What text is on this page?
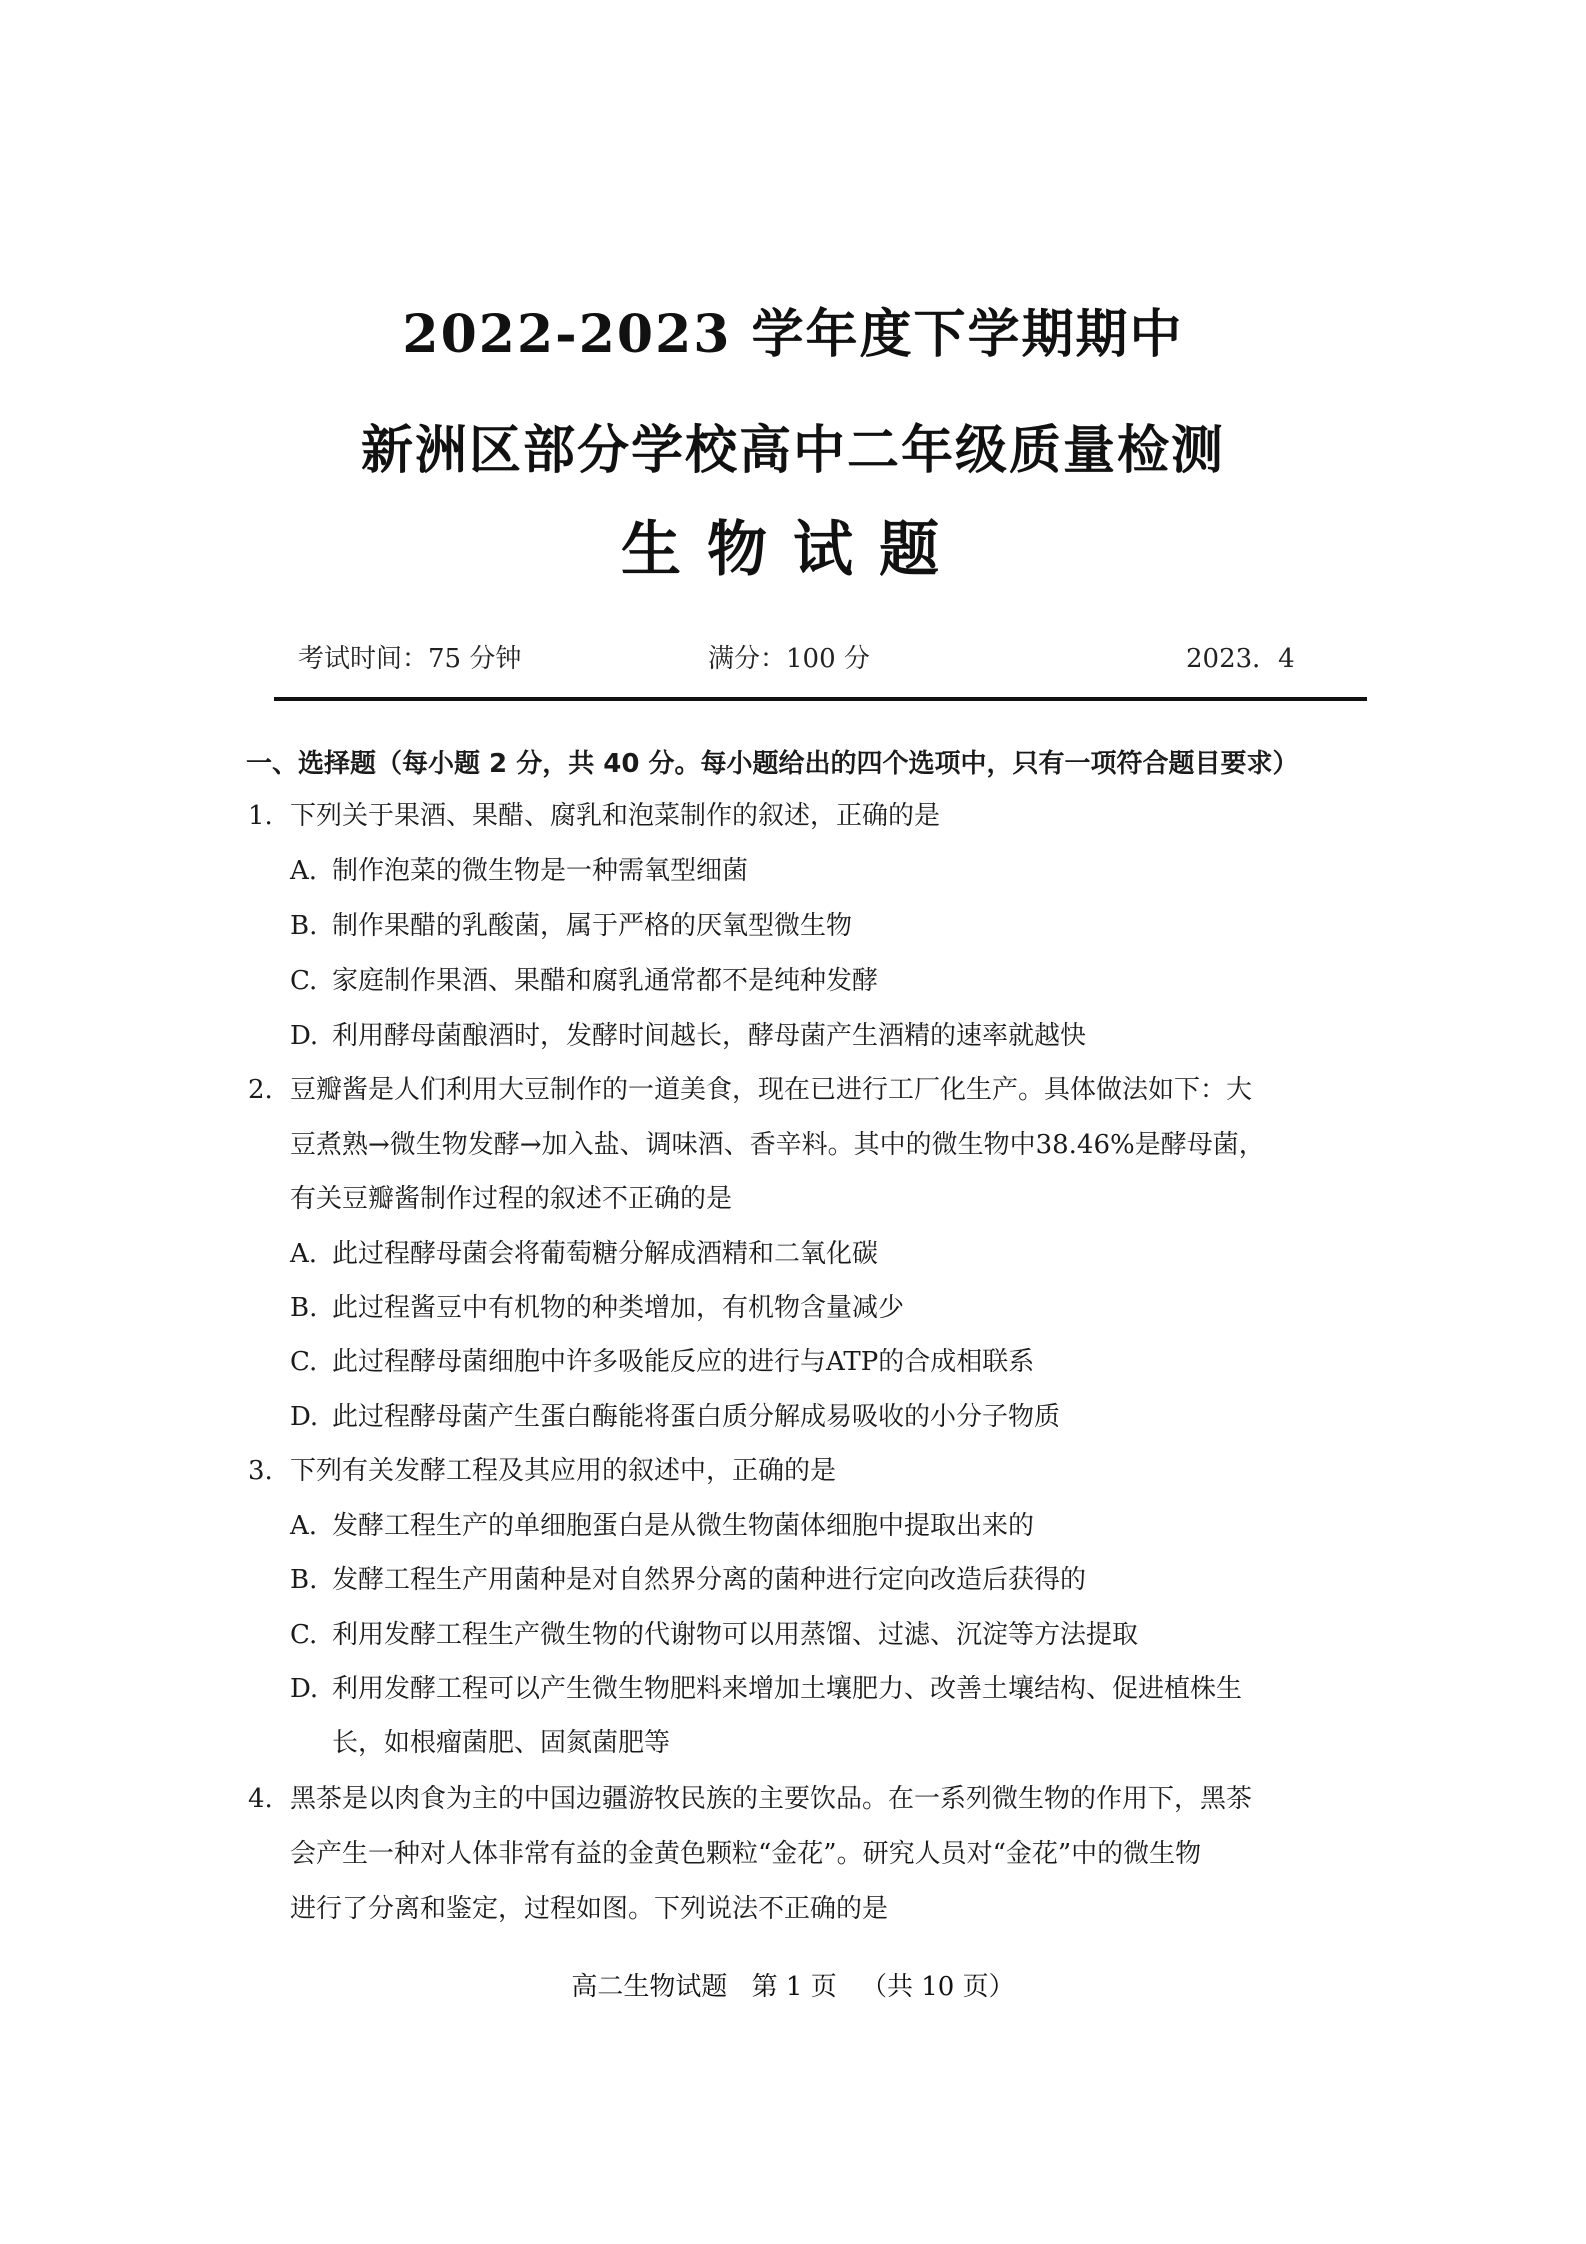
2022-2023 学年度下学期期中
新洲区部分学校高中二年级质量检测
生物试题
考试时间：75 分钟	满分：100 分	2023．4
一、选择题（每小题 2 分，共 40 分。每小题给出的四个选项中，只有一项符合题目要求）
1. 下列关于果酒、果醋、腐乳和泡菜制作的叙述，正确的是
A. 制作泡菜的微生物是一种需氧型细菌
B. 制作果醋的乳酸菌，属于严格的厌氧型微生物
C. 家庭制作果酒、果醋和腐乳通常都不是纯种发酵
D. 利用酵母菌酿酒时，发酵时间越长，酵母菌产生酒精的速率就越快
2. 豆瓣酱是人们利用大豆制作的一道美食，现在已进行工厂化生产。具体做法如下：大
豆煮熟→微生物发酵→加入盐、调味酒、香辛料。其中的微生物中38.46%是酵母菌，
有关豆瓣酱制作过程的叙述不正确的是
A. 此过程酵母菌会将葡萄糖分解成酒精和二氧化碳
B. 此过程酱豆中有机物的种类增加，有机物含量减少
C. 此过程酵母菌细胞中许多吸能反应的进行与ATP的合成相联系
D. 此过程酵母菌产生蛋白酶能将蛋白质分解成易吸收的小分子物质
3. 下列有关发酵工程及其应用的叙述中，正确的是
A. 发酵工程生产的单细胞蛋白是从微生物菌体细胞中提取出来的
B. 发酵工程生产用菌种是对自然界分离的菌种进行定向改造后获得的
C. 利用发酵工程生产微生物的代谢物可以用蒸馏、过滤、沉淀等方法提取
D. 利用发酵工程可以产生微生物肥料来增加土壤肥力、改善土壤结构、促进植株生
长，如根瘤菌肥、固氮菌肥等
4. 黑茶是以肉食为主的中国边疆游牧民族的主要饮品。在一系列微生物的作用下，黑茶
会产生一种对人体非常有益的金黄色颗粒“金花”。研究人员对“金花”中的微生物
进行了分离和鉴定，过程如图。下列说法不正确的是
高二生物试题 第 1 页 （共 10 页）
